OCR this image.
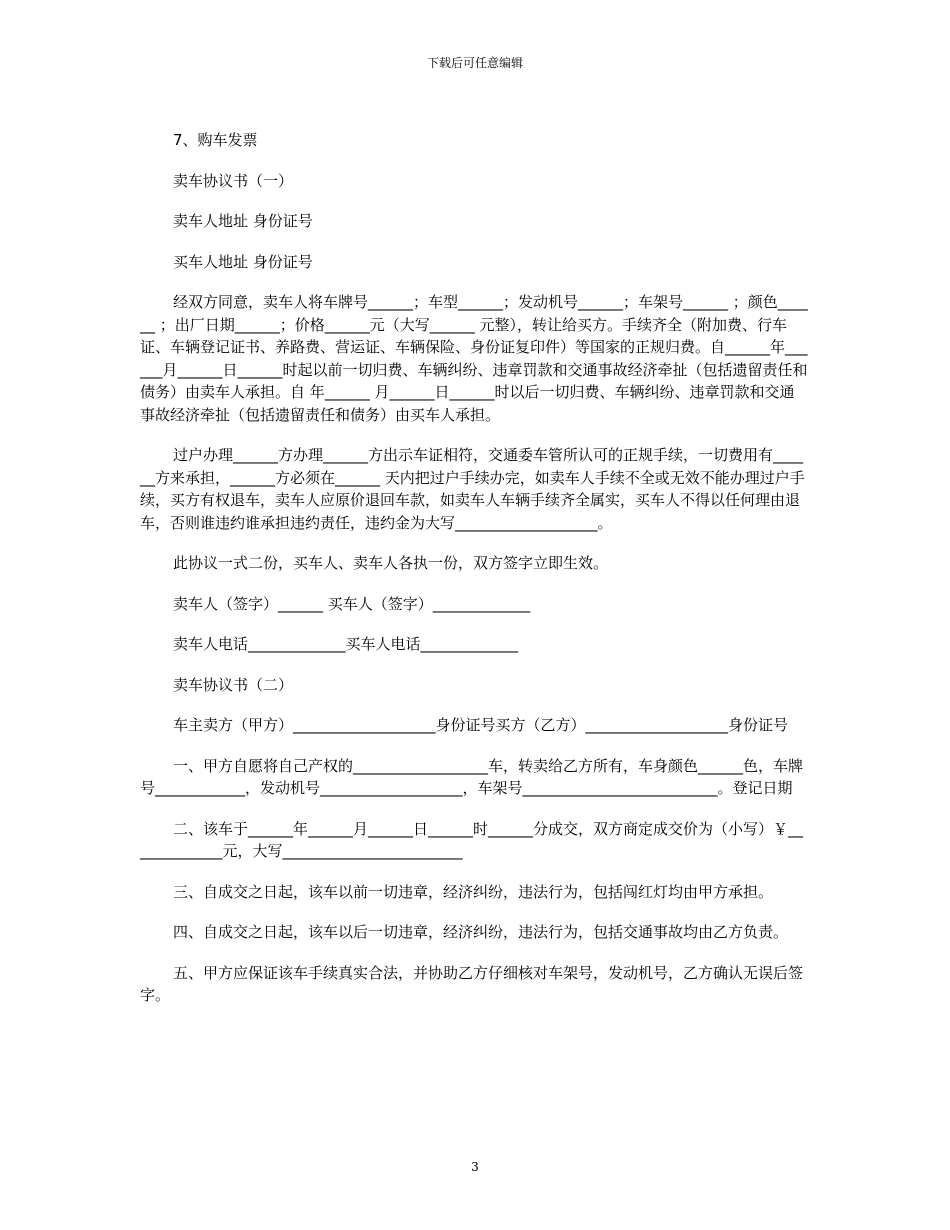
下载后可任意编辑

7、购车发票

卖车协议书（一）

卖车人地址 身份证号

买车人地址 身份证号

经双方同意，卖车人将车牌号______；车型______；发动机号______；车架号______ ；颜色______ ；出厂日期______；价格______元（大写______ 元整），转让给买方。手续齐全（附加费、行车证、车辆登记证书、养路费、营运证、车辆保险、身份证复印件）等国家的正规归费。自______年______月______日______时起以前一切归费、车辆纠纷、违章罚款和交通事故经济牵扯（包括遗留责任和债务）由卖车人承担。自 年______ 月______日______时以后一切归费、车辆纠纷、违章罚款和交通事故经济牵扯（包括遗留责任和债务）由买车人承担。

过户办理______方办理______方出示车证相符，交通委车管所认可的正规手续，一切费用有______方来承担，______方必须在______ 天内把过户手续办完，如卖车人手续不全或无效不能办理过户手续，买方有权退车，卖车人应原价退回车款，如卖车人车辆手续齐全属实，买车人不得以任何理由退车，否则谁违约谁承担违约责任，违约金为大写___________________。

此协议一式二份，买车人、卖车人各执一份，双方签字立即生效。

卖车人（签字）______ 买车人（签字）_____________

卖车人电话_____________买车人电话_____________

卖车协议书（二）

车主卖方（甲方）___________________身份证号买方（乙方）___________________身份证号

一、甲方自愿将自己产权的__________________车，转卖给乙方所有，车身颜色______色，车牌号____________，发动机号___________________，车架号__________________________。登记日期

二、该车于______年______月______日______时______分成交，双方商定成交价为（小写）￥_____________元，大写________________________

三、自成交之日起，该车以前一切违章，经济纠纷，违法行为，包括闯红灯均由甲方承担。

四、自成交之日起，该车以后一切违章，经济纠纷，违法行为，包括交通事故均由乙方负责。

五、甲方应保证该车手续真实合法，并协助乙方仔细核对车架号，发动机号，乙方确认无误后签字。

3
